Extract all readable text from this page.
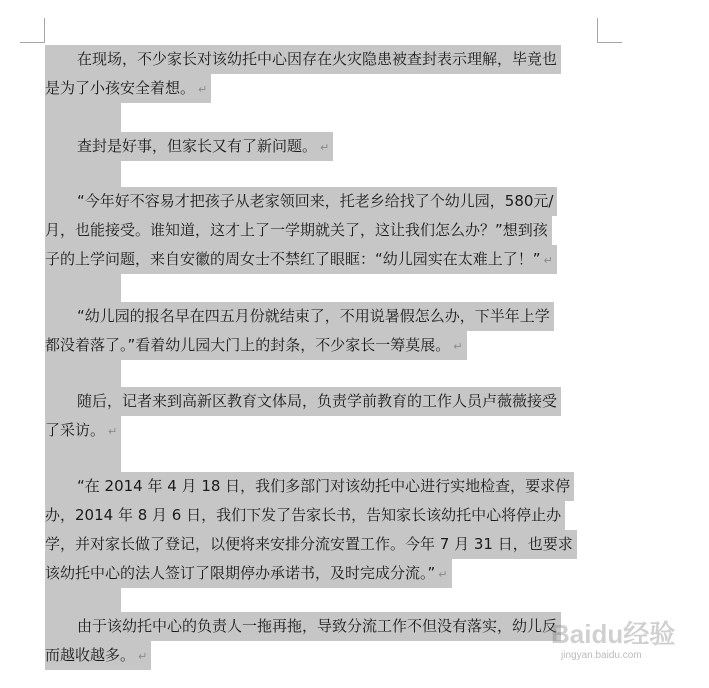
在现场，不少家长对该幼托中心因存在火灾隐患被查封表示理解，毕竟也
是为了小孩安全着想。 ↵
查封是好事，但家长又有了新问题。 ↵
“今年好不容易才把孩子从老家领回来，托老乡给找了个幼儿园，580元/
月，也能接受。谁知道，这才上了一学期就关了，这让我们怎么办？”想到孩
子的上学问题，来自安徽的周女士不禁红了眼眶：“幼儿园实在太难上了！” ↵
“幼儿园的报名早在四五月份就结束了，不用说暑假怎么办，下半年上学
都没着落了。”看着幼儿园大门上的封条，不少家长一筹莫展。 ↵
随后，记者来到高新区教育文体局，负责学前教育的工作人员卢薇薇接受
了采访。 ↵
“在 2014 年 4 月 18 日，我们多部门对该幼托中心进行实地检查，要求停
办，2014 年 8 月 6 日，我们下发了告家长书，告知家长该幼托中心将停止办
学，并对家长做了登记，以便将来安排分流安置工作。今年 7 月 31 日，也要求
该幼托中心的法人签订了限期停办承诺书，及时完成分流。” ↵
由于该幼托中心的负责人一拖再拖，导致分流工作不但没有落实，幼儿反
而越收越多。 ↵
Baidu经验
jingyan.baidu.com
